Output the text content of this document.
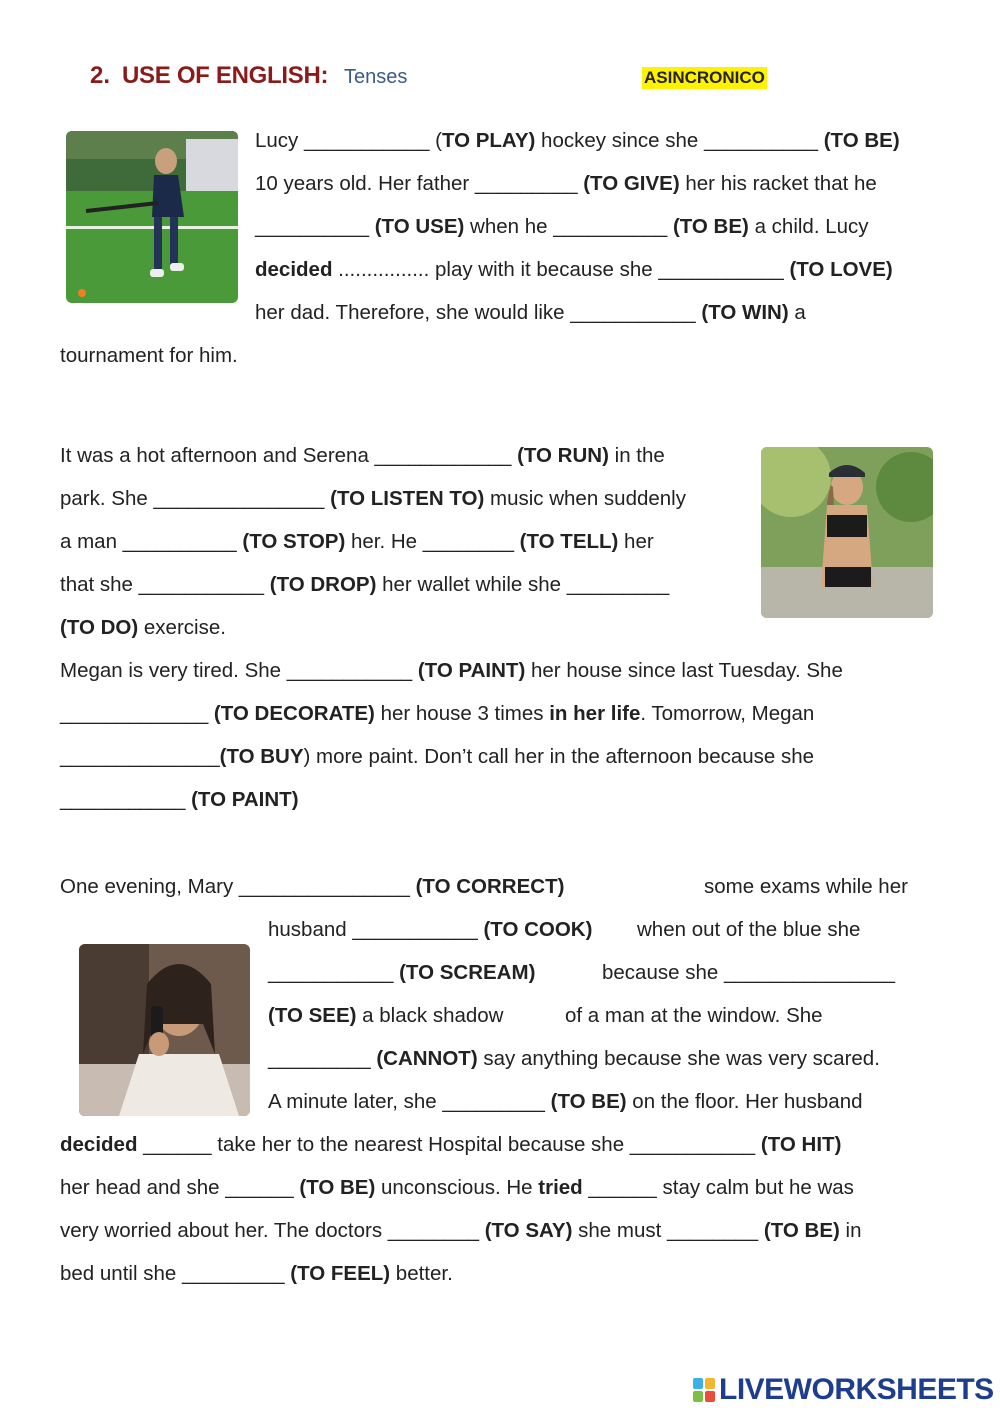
2. USE OF ENGLISH: Tenses	ASINCRONICO
Lucy ___________ (TO PLAY) hockey since she __________ (TO BE)
10 years old. Her father _________ (TO GIVE) her his racket that he
__________ (TO USE) when he __________ (TO BE) a child. Lucy
decided ................ play with it because she ___________ (TO LOVE)
her dad. Therefore, she would like ___________ (TO WIN) a
tournament for him.
It was a hot afternoon and Serena ____________ (TO RUN) in the
park. She _______________ (TO LISTEN TO) music when suddenly
a man __________ (TO STOP) her. He ________ (TO TELL) her
that she ___________ (TO DROP) her wallet while she _________
(TO DO) exercise.
Megan is very tired. She ___________ (TO PAINT) her house since last Tuesday. She
_____________ (TO DECORATE) her house 3 times in her life. Tomorrow, Megan
______________(TO BUY) more paint. Don’t call her in the afternoon because she
___________ (TO PAINT)
One evening, Mary _______________ (TO CORRECT)	some exams while her
husband ___________ (TO COOK) when out of the blue she
___________ (TO SCREAM)	because she _______________
(TO SEE) a black shadow	of a man at the window. She
_________ (CANNOT) say anything because she was very scared.
A minute later, she _________ (TO BE) on the floor. Her husband
decided ______ take her to the nearest Hospital because she ___________ (TO HIT)
her head and she ______ (TO BE) unconscious. He tried ______ stay calm but he was
very worried about her. The doctors ________ (TO SAY) she must ________ (TO BE) in
bed until she _________ (TO FEEL) better.
LIVEWORKSHEETS
